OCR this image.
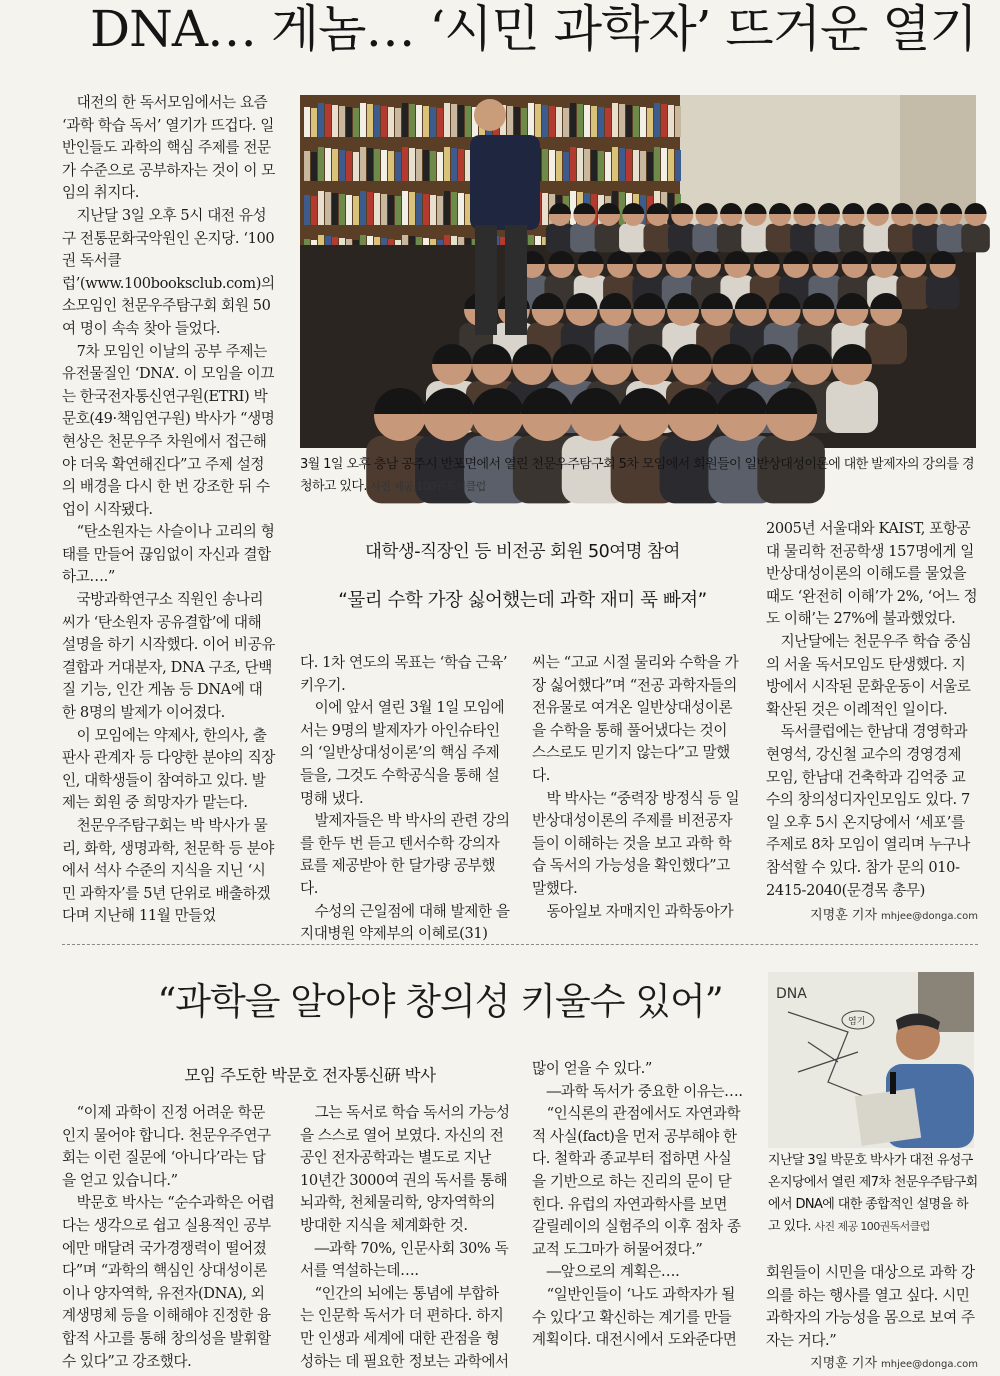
DNA… 게놈… ‘시민 과학자’ 뜨거운 열기

대전의 한 독서모임에서는 요즘 ‘과학 학습 독서’ 열기가 뜨겁다. 일반인들도 과학의 핵심 주제를 전문가 수준으로 공부하자는 것이 이 모임의 취지다.

지난달 3일 오후 5시 대전 유성구 전통문화국악원인 온지당. ‘100권 독서클럽’(www.100booksclub.com)의 소모임인 천문우주탐구회 회원 50여 명이 속속 찾아 들었다.

7차 모임인 이날의 공부 주제는 유전물질인 ‘DNA’. 이 모임을 이끄는 한국전자통신연구원(ETRI) 박문호(49·책임연구원) 박사가 “생명 현상은 천문우주 차원에서 접근해야 더욱 확연해진다”고 주제 설정의 배경을 다시 한 번 강조한 뒤 수업이 시작됐다.

“탄소원자는 사슬이나 고리의 형태를 만들어 끊임없이 자신과 결합하고….”

국방과학연구소 직원인 송나리 씨가 ‘탄소원자 공유결합’에 대해 설명을 하기 시작했다. 이어 비공유 결합과 거대분자, DNA 구조, 단백질 기능, 인간 게놈 등 DNA에 대한 8명의 발제가 이어졌다.

이 모임에는 약제사, 한의사, 출판사 관계자 등 다양한 분야의 직장인, 대학생들이 참여하고 있다. 발제는 회원 중 희망자가 맡는다.

천문우주탐구회는 박 박사가 물리, 화학, 생명과학, 천문학 등 분야에서 석사 수준의 지식을 지닌 ‘시민 과학자’를 5년 단위로 배출하겠다며 지난해 11월 만들었

3월 1일 오후 충남 공주시 반포면에서 열린 천문우주탐구회 5차 모임에서 회원들이 일반상대성이론에 대한 발제자의 강의를 경청하고 있다. 사진 제공 100권독서클럽
대학생-직장인 등 비전공 회원 50여명 참여
“물리 수학 가장 싫어했는데 과학 재미 푹 빠져”

다. 1차 연도의 목표는 ‘학습 근육’ 키우기.

이에 앞서 열린 3월 1일 모임에서는 9명의 발제자가 아인슈타인의 ‘일반상대성이론’의 핵심 주제들을, 그것도 수학공식을 통해 설명해 냈다.

발제자들은 박 박사의 관련 강의를 한두 번 듣고 텐서수학 강의자료를 제공받아 한 달가량 공부했다.

수성의 근일점에 대해 발제한 을지대병원 약제부의 이혜로(31)

씨는 “고교 시절 물리와 수학을 가장 싫어했다”며 “전공 과학자들의 전유물로 여겨온 일반상대성이론을 수학을 통해 풀어냈다는 것이 스스로도 믿기지 않는다”고 말했다.

박 박사는 “중력장 방정식 등 일반상대성이론의 주제를 비전공자들이 이해하는 것을 보고 과학 학습 독서의 가능성을 확인했다”고 말했다.

동아일보 자매지인 과학동아가

2005년 서울대와 KAIST, 포항공대 물리학 전공학생 157명에게 일반상대성이론의 이해도를 물었을 때도 ‘완전히 이해’가 2%, ‘어느 정도 이해’는 27%에 불과했었다.

지난달에는 천문우주 학습 중심의 서울 독서모임도 탄생했다. 지방에서 시작된 문화운동이 서울로 확산된 것은 이례적인 일이다.

독서클럽에는 한남대 경영학과 현영석, 강신철 교수의 경영경제 모임, 한남대 건축학과 김억중 교수의 창의성디자인모임도 있다. 7일 오후 5시 온지당에서 ‘세포’를 주제로 8차 모임이 열리며 누구나 참석할 수 있다. 참가 문의 010-2415-2040(문경목 총무)

지명훈 기자 mhjee@donga.com
“과학을 알아야 창의성 키울수 있어”
모임 주도한 박문호 전자통신硏 박사

“이제 과학이 진정 어려운 학문인지 물어야 합니다. 천문우주연구회는 이런 질문에 ‘아니다’라는 답을 얻고 있습니다.”

박문호 박사는 “순수과학은 어렵다는 생각으로 쉽고 실용적인 공부에만 매달려 국가경쟁력이 떨어졌다”며 “과학의 핵심인 상대성이론이나 양자역학, 유전자(DNA), 외계생명체 등을 이해해야 진정한 융합적 사고를 통해 창의성을 발휘할 수 있다”고 강조했다.

그는 독서로 학습 독서의 가능성을 스스로 열어 보였다. 자신의 전공인 전자공학과는 별도로 지난 10년간 3000여 권의 독서를 통해 뇌과학, 천체물리학, 양자역학의 방대한 지식을 체계화한 것.

―과학 70%, 인문사회 30% 독서를 역설하는데….

“인간의 뇌에는 통념에 부합하는 인문학 독서가 더 편하다. 하지만 인생과 세계에 대한 관점을 형성하는 데 필요한 정보는 과학에서

많이 얻을 수 있다.”

―과학 독서가 중요한 이유는….

“인식론의 관점에서도 자연과학적 사실(fact)을 먼저 공부해야 한다. 철학과 종교부터 접하면 사실을 기반으로 하는 진리의 문이 닫힌다. 유럽의 자연과학사를 보면 갈릴레이의 실험주의 이후 점차 종교적 도그마가 허물어졌다.”

―앞으로의 계획은….

“일반인들이 ‘나도 과학자가 될 수 있다’고 확신하는 계기를 만들 계획이다. 대전시에서 도와준다면

DNA
염기
지난달 3일 박문호 박사가 대전 유성구 온지당에서 열린 제7차 천문우주탐구회에서 DNA에 대한 종합적인 설명을 하고 있다. 사진 제공 100권독서클럽

회원들이 시민을 대상으로 과학 강의를 하는 행사를 열고 싶다. 시민 과학자의 가능성을 몸으로 보여 주자는 거다.”

지명훈 기자 mhjee@donga.com
